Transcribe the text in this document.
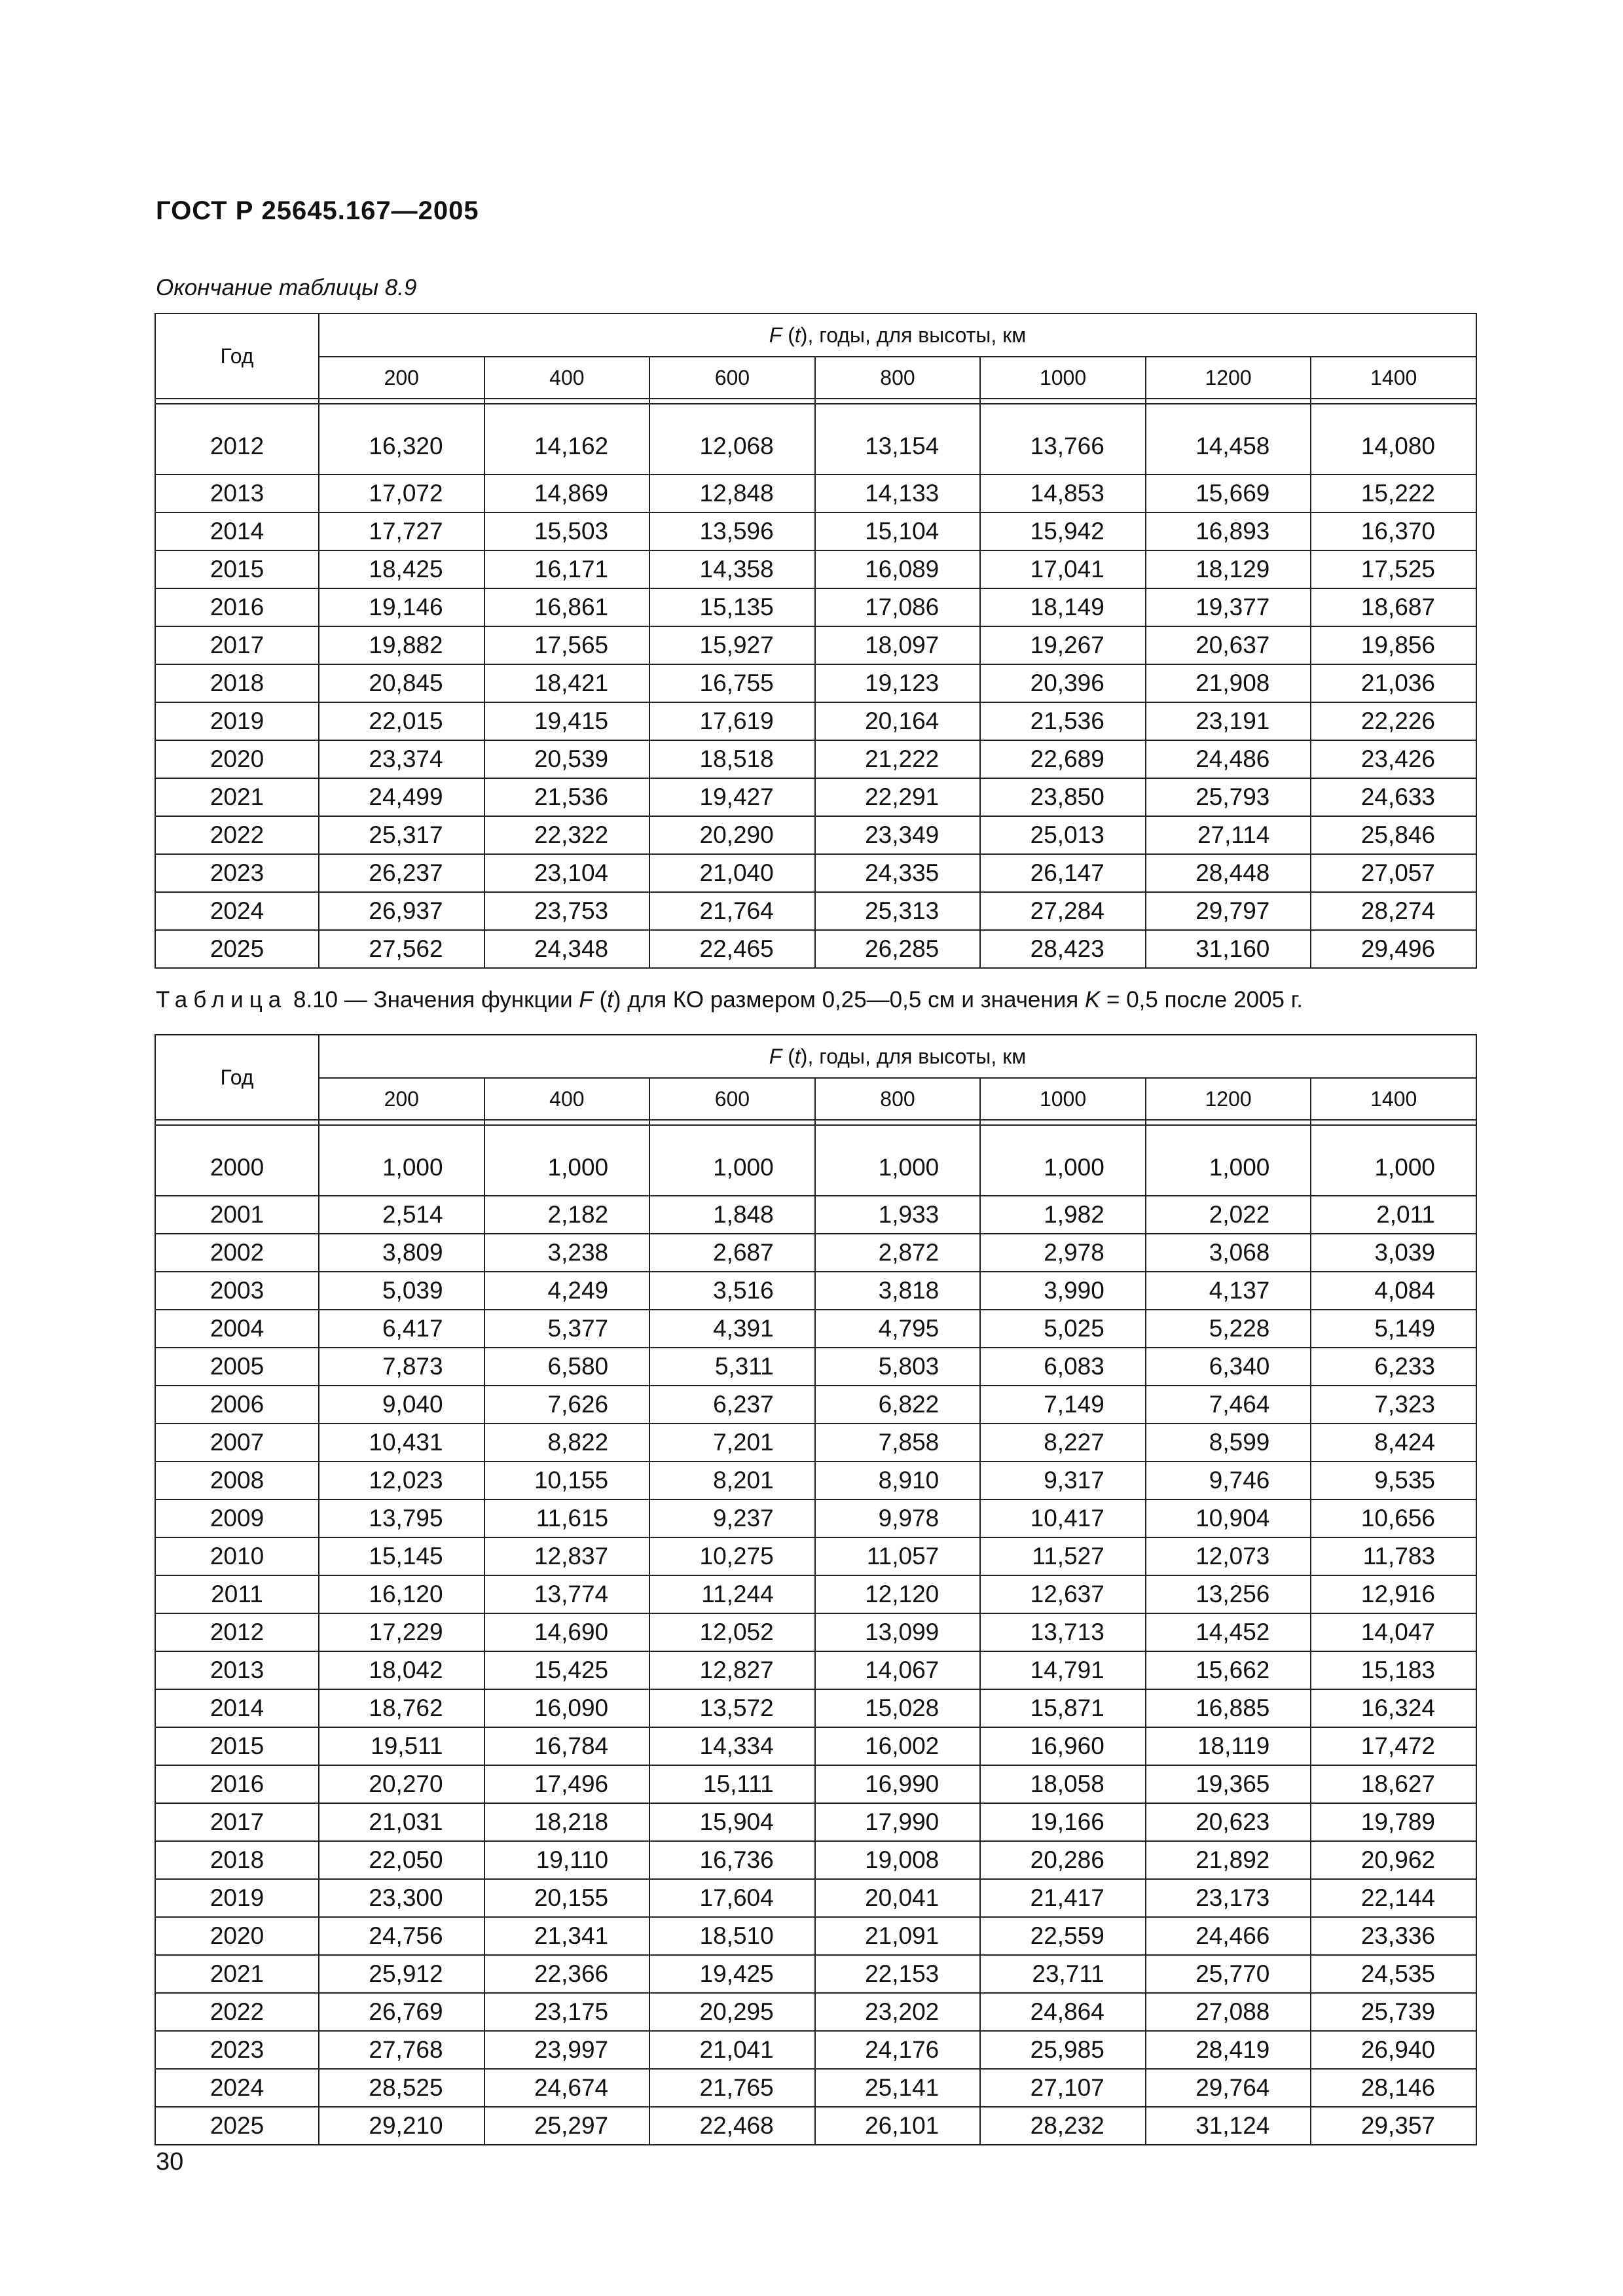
ГОСТ Р 25645.167—2005
Окончание таблицы 8.9
Год	F (t), годы, для высоты, км						
	200	400	600	800	1000	1200	1400

2012	16,320	14,162	12,068	13,154	13,766	14,458	14,080
2013	17,072	14,869	12,848	14,133	14,853	15,669	15,222
2014	17,727	15,503	13,596	15,104	15,942	16,893	16,370
2015	18,425	16,171	14,358	16,089	17,041	18,129	17,525
2016	19,146	16,861	15,135	17,086	18,149	19,377	18,687
2017	19,882	17,565	15,927	18,097	19,267	20,637	19,856
2018	20,845	18,421	16,755	19,123	20,396	21,908	21,036
2019	22,015	19,415	17,619	20,164	21,536	23,191	22,226
2020	23,374	20,539	18,518	21,222	22,689	24,486	23,426
2021	24,499	21,536	19,427	22,291	23,850	25,793	24,633
2022	25,317	22,322	20,290	23,349	25,013	27,114	25,846
2023	26,237	23,104	21,040	24,335	26,147	28,448	27,057
2024	26,937	23,753	21,764	25,313	27,284	29,797	28,274
2025	27,562	24,348	22,465	26,285	28,423	31,160	29,496
Таблица 8.10 — Значения функции F (t) для КО размером 0,25—0,5 см и значения K = 0,5 после 2005 г.
Год	F (t), годы, для высоты, км						
	200	400	600	800	1000	1200	1400

2000	1,000	1,000	1,000	1,000	1,000	1,000	1,000
2001	2,514	2,182	1,848	1,933	1,982	2,022	2,011
2002	3,809	3,238	2,687	2,872	2,978	3,068	3,039
2003	5,039	4,249	3,516	3,818	3,990	4,137	4,084
2004	6,417	5,377	4,391	4,795	5,025	5,228	5,149
2005	7,873	6,580	5,311	5,803	6,083	6,340	6,233
2006	9,040	7,626	6,237	6,822	7,149	7,464	7,323
2007	10,431	8,822	7,201	7,858	8,227	8,599	8,424
2008	12,023	10,155	8,201	8,910	9,317	9,746	9,535
2009	13,795	11,615	9,237	9,978	10,417	10,904	10,656
2010	15,145	12,837	10,275	11,057	11,527	12,073	11,783
2011	16,120	13,774	11,244	12,120	12,637	13,256	12,916
2012	17,229	14,690	12,052	13,099	13,713	14,452	14,047
2013	18,042	15,425	12,827	14,067	14,791	15,662	15,183
2014	18,762	16,090	13,572	15,028	15,871	16,885	16,324
2015	19,511	16,784	14,334	16,002	16,960	18,119	17,472
2016	20,270	17,496	15,111	16,990	18,058	19,365	18,627
2017	21,031	18,218	15,904	17,990	19,166	20,623	19,789
2018	22,050	19,110	16,736	19,008	20,286	21,892	20,962
2019	23,300	20,155	17,604	20,041	21,417	23,173	22,144
2020	24,756	21,341	18,510	21,091	22,559	24,466	23,336
2021	25,912	22,366	19,425	22,153	23,711	25,770	24,535
2022	26,769	23,175	20,295	23,202	24,864	27,088	25,739
2023	27,768	23,997	21,041	24,176	25,985	28,419	26,940
2024	28,525	24,674	21,765	25,141	27,107	29,764	28,146
2025	29,210	25,297	22,468	26,101	28,232	31,124	29,357
30
